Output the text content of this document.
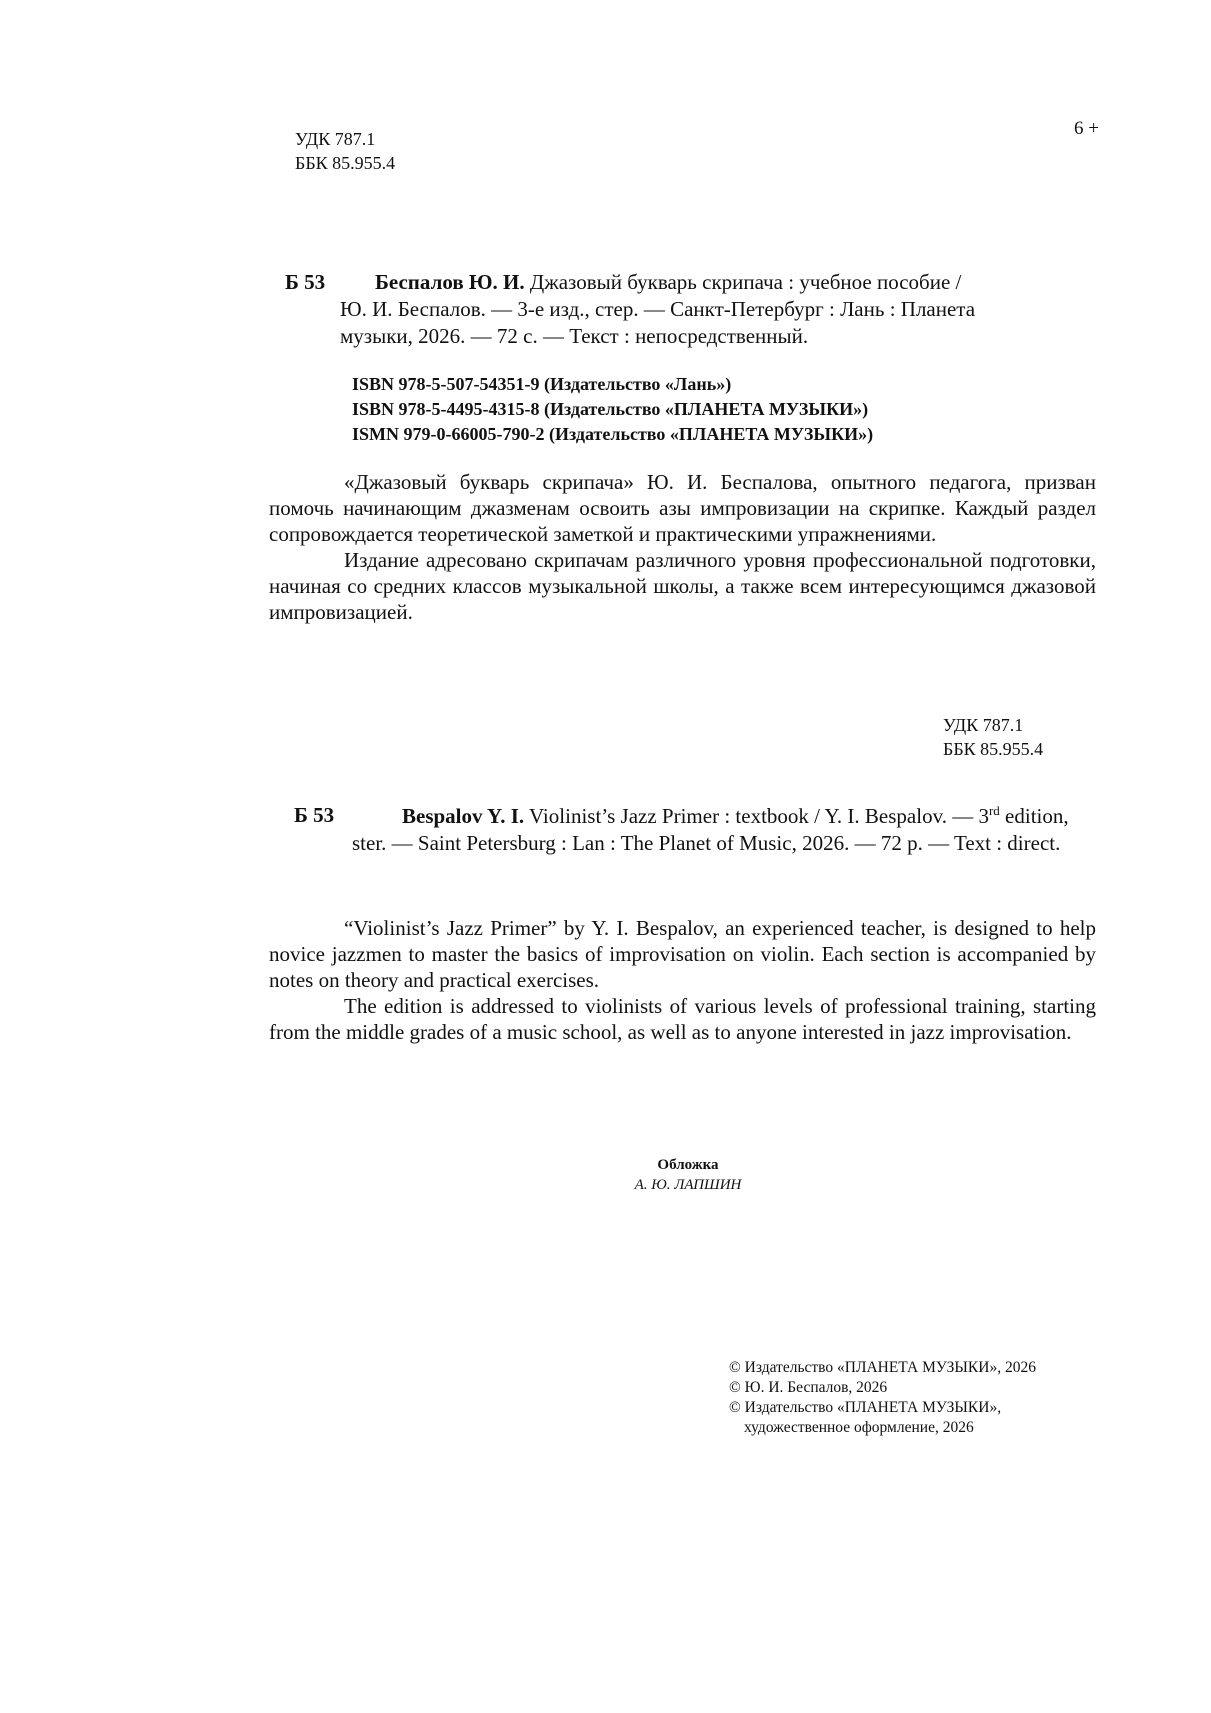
УДК 787.1
ББК 85.955.4
6 +
Б 53	Беспалов Ю. И. Джазовый букварь скрипача : учебное пособие /
Ю. И. Беспалов. — 3-е изд., стер. — Санкт-Петербург : Лань : Планета
музыки, 2026. — 72 с. — Текст : непосредственный.
ISBN 978-5-507-54351-9 (Издательство «Лань»)
ISBN 978-5-4495-4315-8 (Издательство «ПЛАНЕТА МУЗЫКИ»)
ISMN 979-0-66005-790-2 (Издательство «ПЛАНЕТА МУЗЫКИ»)

«Джазовый букварь скрипача» Ю. И. Беспалова, опытного педагога, призван помочь начинающим джазменам освоить азы импровизации на скрипке. Каждый раздел сопровождается теоретической заметкой и практическими упражнениями.

Издание адресовано скрипачам различного уровня профессиональной подготовки, начиная со средних классов музыкальной школы, а также всем интересующимся джазовой импровизацией.

УДК 787.1
ББК 85.955.4
Б 53	Bespalov Y. I. Violinist’s Jazz Primer : textbook / Y. I. Bespalov. — 3rd edition, ster. — Saint Petersburg : Lan : The Planet of Music, 2026. — 72 p. — Text : direct.

“Violinist’s Jazz Primer” by Y. I. Bespalov, an experienced teacher, is designed to help novice jazzmen to master the basics of improvisation on violin. Each section is accompanied by notes on theory and practical exercises.

The edition is addressed to violinists of various levels of professional training, starting from the middle grades of a music school, as well as to anyone interested in jazz improvisation.

Обложка
А. Ю. ЛАПШИН
© Издательство «ПЛАНЕТА МУЗЫКИ», 2026
© Ю. И. Беспалов, 2026
© Издательство «ПЛАНЕТА МУЗЫКИ»,
художественное оформление, 2026
